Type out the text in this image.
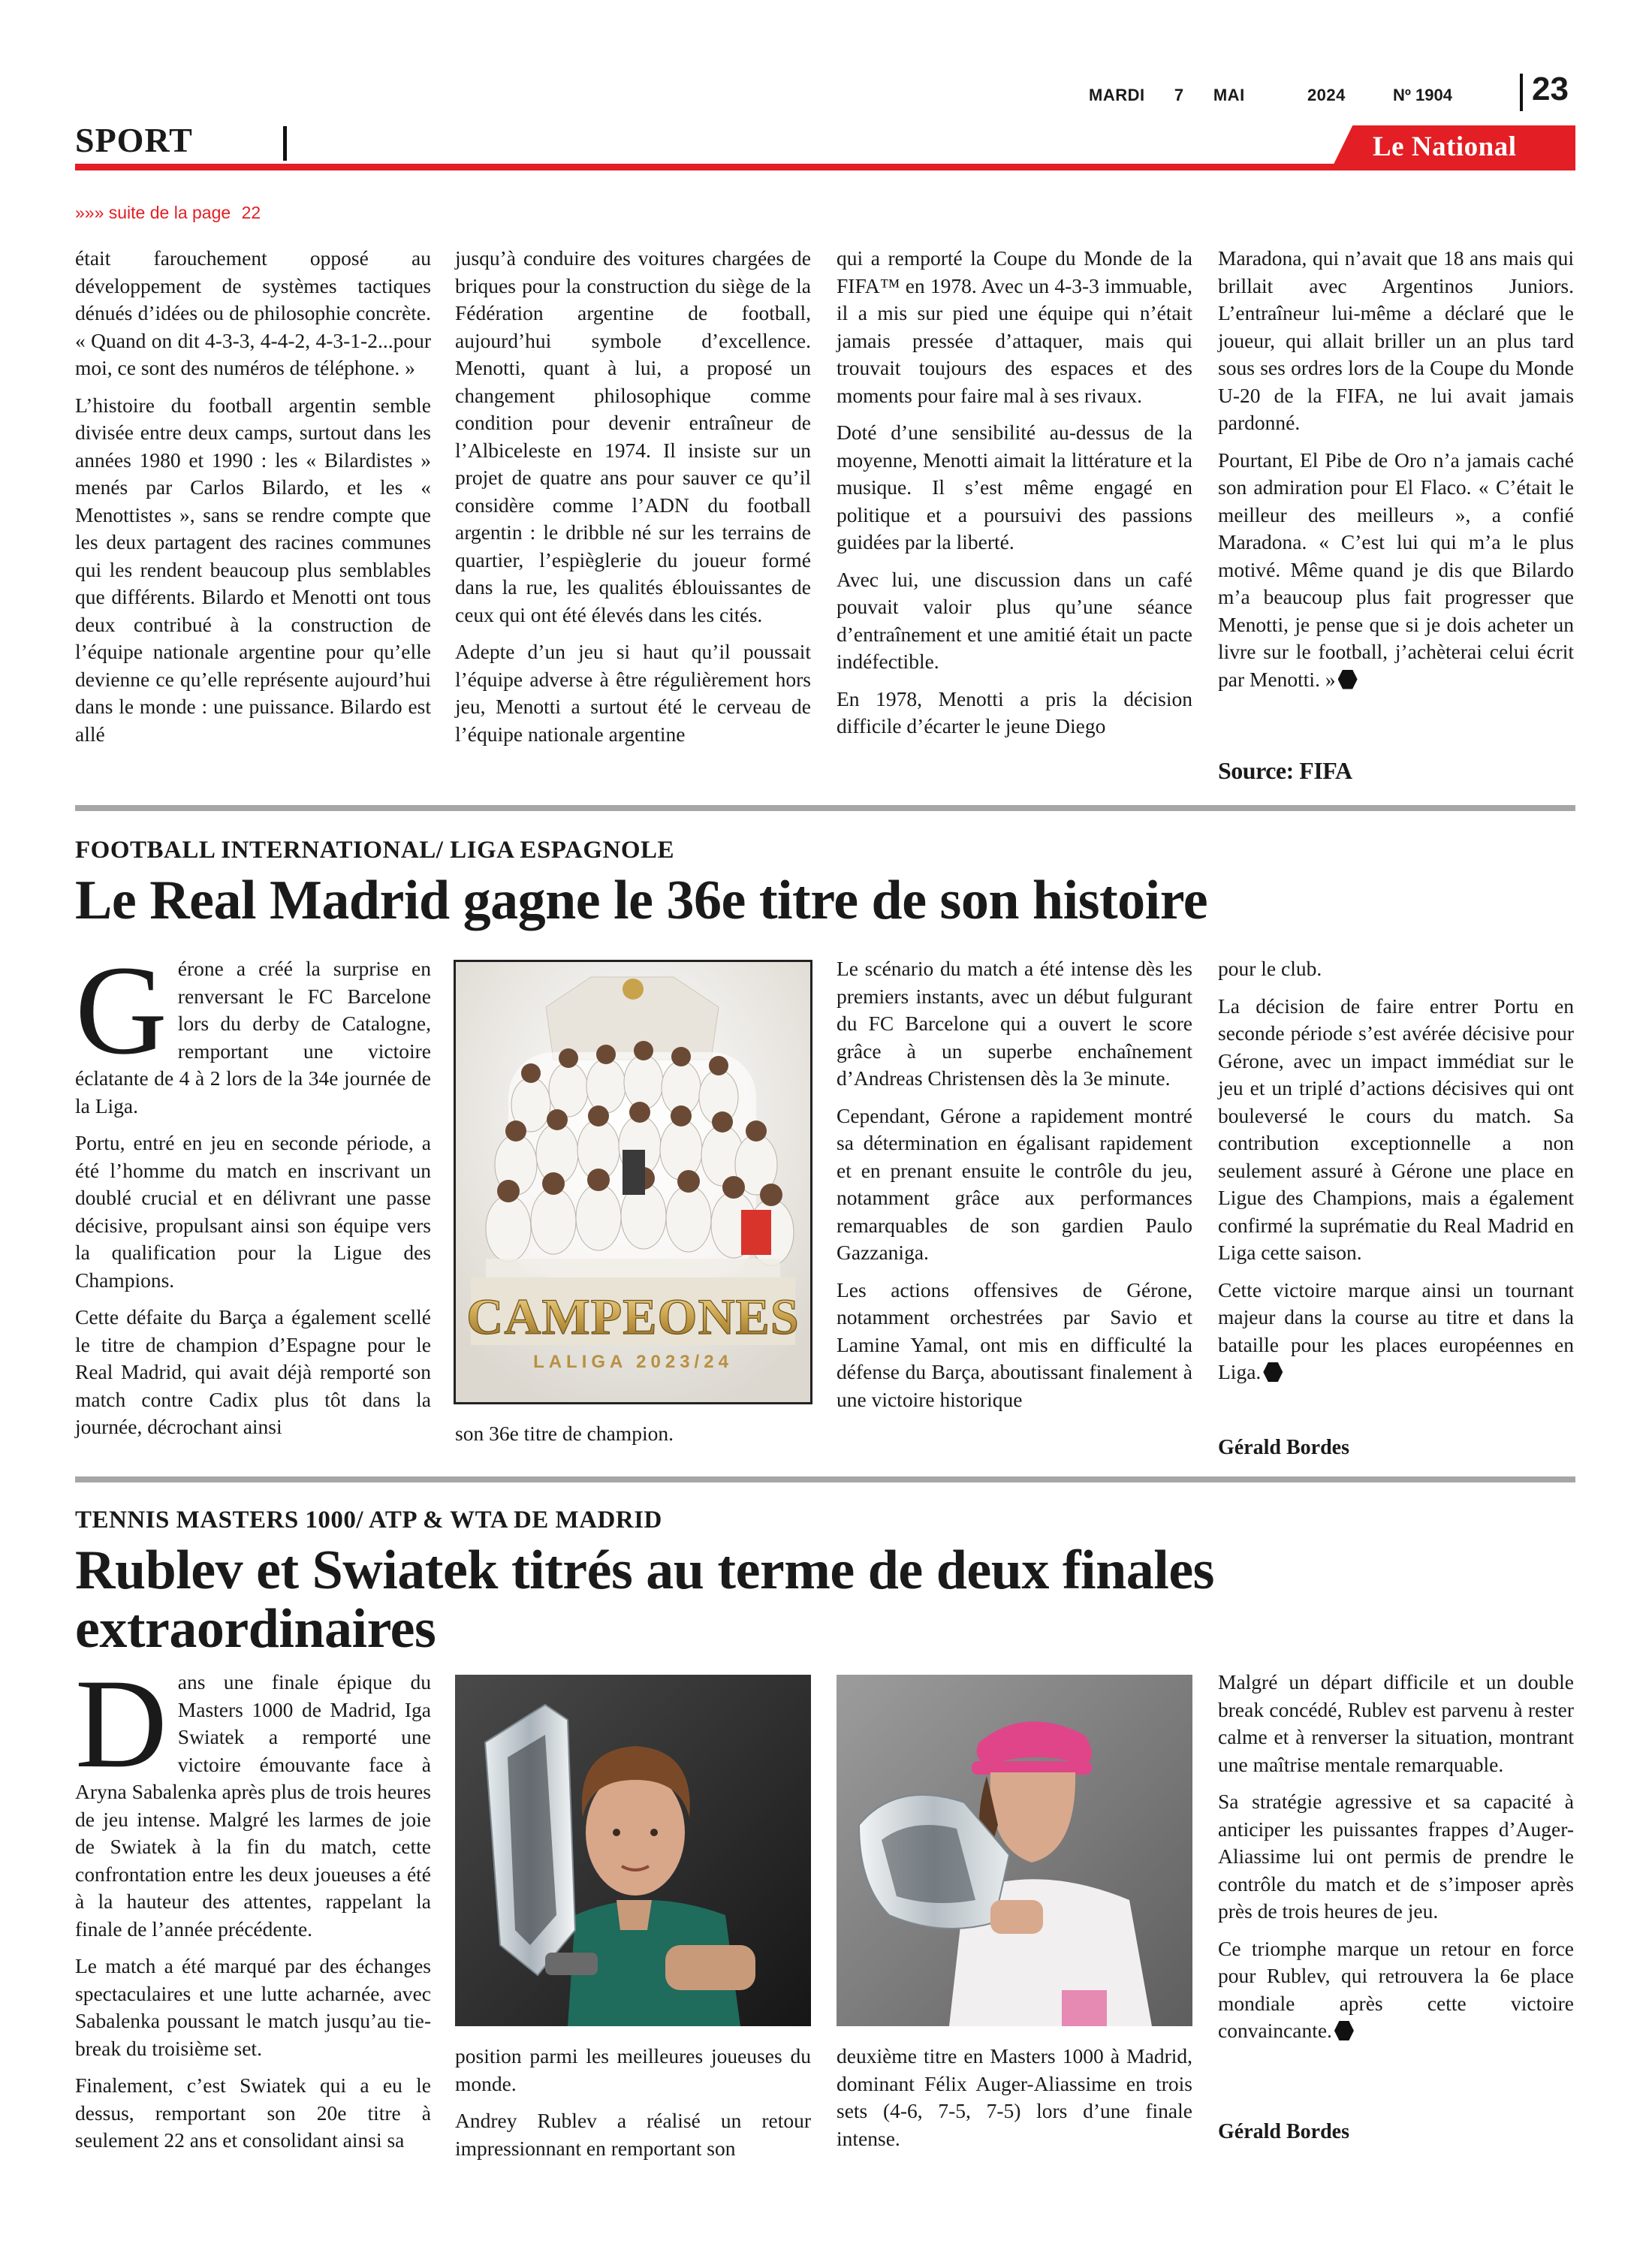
MARDI 7 MAI	2024	Nº 1904 23
SPORT	Le National
»»» suite de la page 22

était farouchement opposé au développement de systèmes tactiques dénués d’idées ou de philosophie concrète. « Quand on dit 4-3-3, 4-4-2, 4-3-1-2...pour moi, ce sont des numéros de téléphone. »

L’histoire du football argentin semble divisée entre deux camps, surtout dans les années 1980 et 1990 : les « Bilardistes » menés par Carlos Bilardo, et les « Menottistes », sans se rendre compte que les deux partagent des racines communes qui les rendent beaucoup plus semblables que différents. Bilardo et Menotti ont tous deux contribué à la construction de l’équipe nationale argentine pour qu’elle devienne ce qu’elle représente aujourd’hui dans le monde : une puissance. Bilardo est allé

jusqu’à conduire des voitures chargées de briques pour la construction du siège de la Fédération argentine de football, aujourd’hui symbole d’excellence. Menotti, quant à lui, a proposé un changement philosophique comme condition pour devenir entraîneur de l’Albiceleste en 1974. Il insiste sur un projet de quatre ans pour sauver ce qu’il considère comme l’ADN du football argentin : le dribble né sur les terrains de quartier, l’espièglerie du joueur formé dans la rue, les qualités éblouissantes de ceux qui ont été élevés dans les cités.

Adepte d’un jeu si haut qu’il poussait l’équipe adverse à être régulièrement hors jeu, Menotti a surtout été le cerveau de l’équipe nationale argentine

qui a remporté la Coupe du Monde de la FIFA™ en 1978. Avec un 4-3-3 immuable, il a mis sur pied une équipe qui n’était jamais pressée d’attaquer, mais qui trouvait toujours des espaces et des moments pour faire mal à ses rivaux.

Doté d’une sensibilité au-dessus de la moyenne, Menotti aimait la littérature et la musique. Il s’est même engagé en politique et a poursuivi des passions guidées par la liberté.

Avec lui, une discussion dans un café pouvait valoir plus qu’une séance d’entraînement et une amitié était un pacte indéfectible.

En 1978, Menotti a pris la décision difficile d’écarter le jeune Diego

Maradona, qui n’avait que 18 ans mais qui brillait avec Argentinos Juniors. L’entraîneur lui-même a déclaré que le joueur, qui allait briller un an plus tard sous ses ordres lors de la Coupe du Monde U-20 de la FIFA, ne lui avait jamais pardonné.

Pourtant, El Pibe de Oro n’a jamais caché son admiration pour El Flaco. « C’était le meilleur des meilleurs », a confié Maradona. « C’est lui qui m’a le plus motivé. Même quand je dis que Bilardo m’a beaucoup plus fait progresser que Menotti, je pense que si je dois acheter un livre sur le football, j’achèterai celui écrit par Menotti. »

Source: FIFA
FOOTBALL INTERNATIONAL/ LIGA ESPAGNOLE
Le Real Madrid gagne le 36e titre de son histoire

Gérone a créé la surprise en renversant le FC Barcelone lors du derby de Catalogne, remportant une victoire éclatante de 4 à 2 lors de la 34e journée de la Liga.

Portu, entré en jeu en seconde période, a été l’homme du match en inscrivant un doublé crucial et en délivrant une passe décisive, propulsant ainsi son équipe vers la qualification pour la Ligue des Champions.

Cette défaite du Barça a également scellé le titre de champion d’Espagne pour le Real Madrid, qui avait déjà remporté son match contre Cadix plus tôt dans la journée, décrochant ainsi

CAMPEONES
LALIGA 2023/24
son 36e titre de champion.

Le scénario du match a été intense dès les premiers instants, avec un début fulgurant du FC Barcelone qui a ouvert le score grâce à un superbe enchaînement d’Andreas Christensen dès la 3e minute.

Cependant, Gérone a rapidement montré sa détermination en égalisant rapidement et en prenant ensuite le contrôle du jeu, notamment grâce aux performances remarquables de son gardien Paulo Gazzaniga.

Les actions offensives de Gérone, notamment orchestrées par Savio et Lamine Yamal, ont mis en difficulté la défense du Barça, aboutissant finalement à une victoire historique

pour le club.

La décision de faire entrer Portu en seconde période s’est avérée décisive pour Gérone, avec un impact immédiat sur le jeu et un triplé d’actions décisives qui ont bouleversé le cours du match. Sa contribution exceptionnelle a non seulement assuré à Gérone une place en Ligue des Champions, mais a également confirmé la suprématie du Real Madrid en Liga cette saison.

Cette victoire marque ainsi un tournant majeur dans la course au titre et dans la bataille pour les places européennes en Liga.

Gérald Bordes
TENNIS MASTERS 1000/ ATP & WTA DE MADRID
Rublev et Swiatek titrés au terme de deux finales extraordinaires

Dans une finale épique du Masters 1000 de Madrid, Iga Swiatek a remporté une victoire émouvante face à Aryna Sabalenka après plus de trois heures de jeu intense. Malgré les larmes de joie de Swiatek à la fin du match, cette confrontation entre les deux joueuses a été à la hauteur des attentes, rappelant la finale de l’année précédente.

Le match a été marqué par des échanges spectaculaires et une lutte acharnée, avec Sabalenka poussant le match jusqu’au tie-break du troisième set.

Finalement, c’est Swiatek qui a eu le dessus, remportant son 20e titre à seulement 22 ans et consolidant ainsi sa

position parmi les meilleures joueuses du monde.

Andrey Rublev a réalisé un retour impressionnant en remportant son

deuxième titre en Masters 1000 à Madrid, dominant Félix Auger-Aliassime en trois sets (4-6, 7-5, 7-5) lors d’une finale intense.

Malgré un départ difficile et un double break concédé, Rublev est parvenu à rester calme et à renverser la situation, montrant une maîtrise mentale remarquable.

Sa stratégie agressive et sa capacité à anticiper les puissantes frappes d’Auger-Aliassime lui ont permis de prendre le contrôle du match et de s’imposer après près de trois heures de jeu.

Ce triomphe marque un retour en force pour Rublev, qui retrouvera la 6e place mondiale après cette victoire convaincante.

Gérald Bordes
